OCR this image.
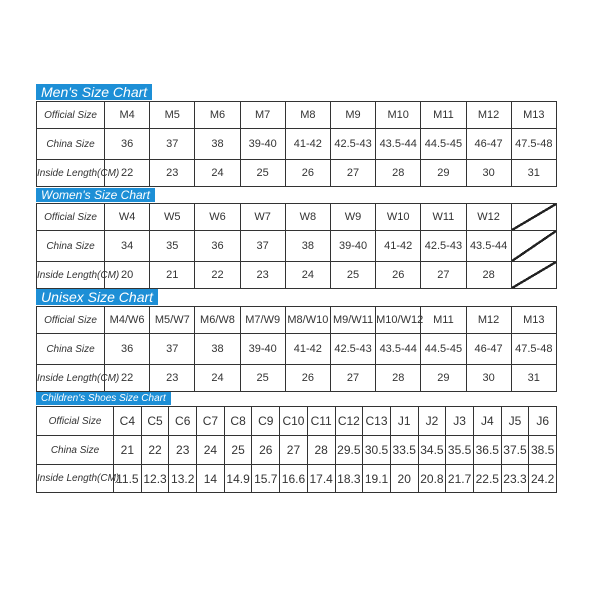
Men's Size Chart
Official Size	M4	M5	M6	M7	M8	M9	M10	M11	M12	M13
China Size	36	37	38	39-40	41-42	42.5-43	43.5-44	44.5-45	46-47	47.5-48
Inside Length(CM)	22	23	24	25	26	27	28	29	30	31
Women's Size Chart
Official Size	W4	W5	W6	W7	W8	W9	W10	W11	W12	
China Size	34	35	36	37	38	39-40	41-42	42.5-43	43.5-44	
Inside Length(CM)	20	21	22	23	24	25	26	27	28	
Unisex Size Chart
Official Size	M4/W6	M5/W7	M6/W8	M7/W9	M8/W10	M9/W11	M10/W12	M11	M12	M13
China Size	36	37	38	39-40	41-42	42.5-43	43.5-44	44.5-45	46-47	47.5-48
Inside Length(CM)	22	23	24	25	26	27	28	29	30	31
Children's Shoes Size Chart
Official Size	C4	C5	C6	C7	C8	C9	C10	C11	C12	C13	J1	J2	J3	J4	J5	J6
China Size	21	22	23	24	25	26	27	28	29.5	30.5	33.5	34.5	35.5	36.5	37.5	38.5
Inside Length(CM)	11.5	12.3	13.2	14	14.9	15.7	16.6	17.4	18.3	19.1	20	20.8	21.7	22.5	23.3	24.2
